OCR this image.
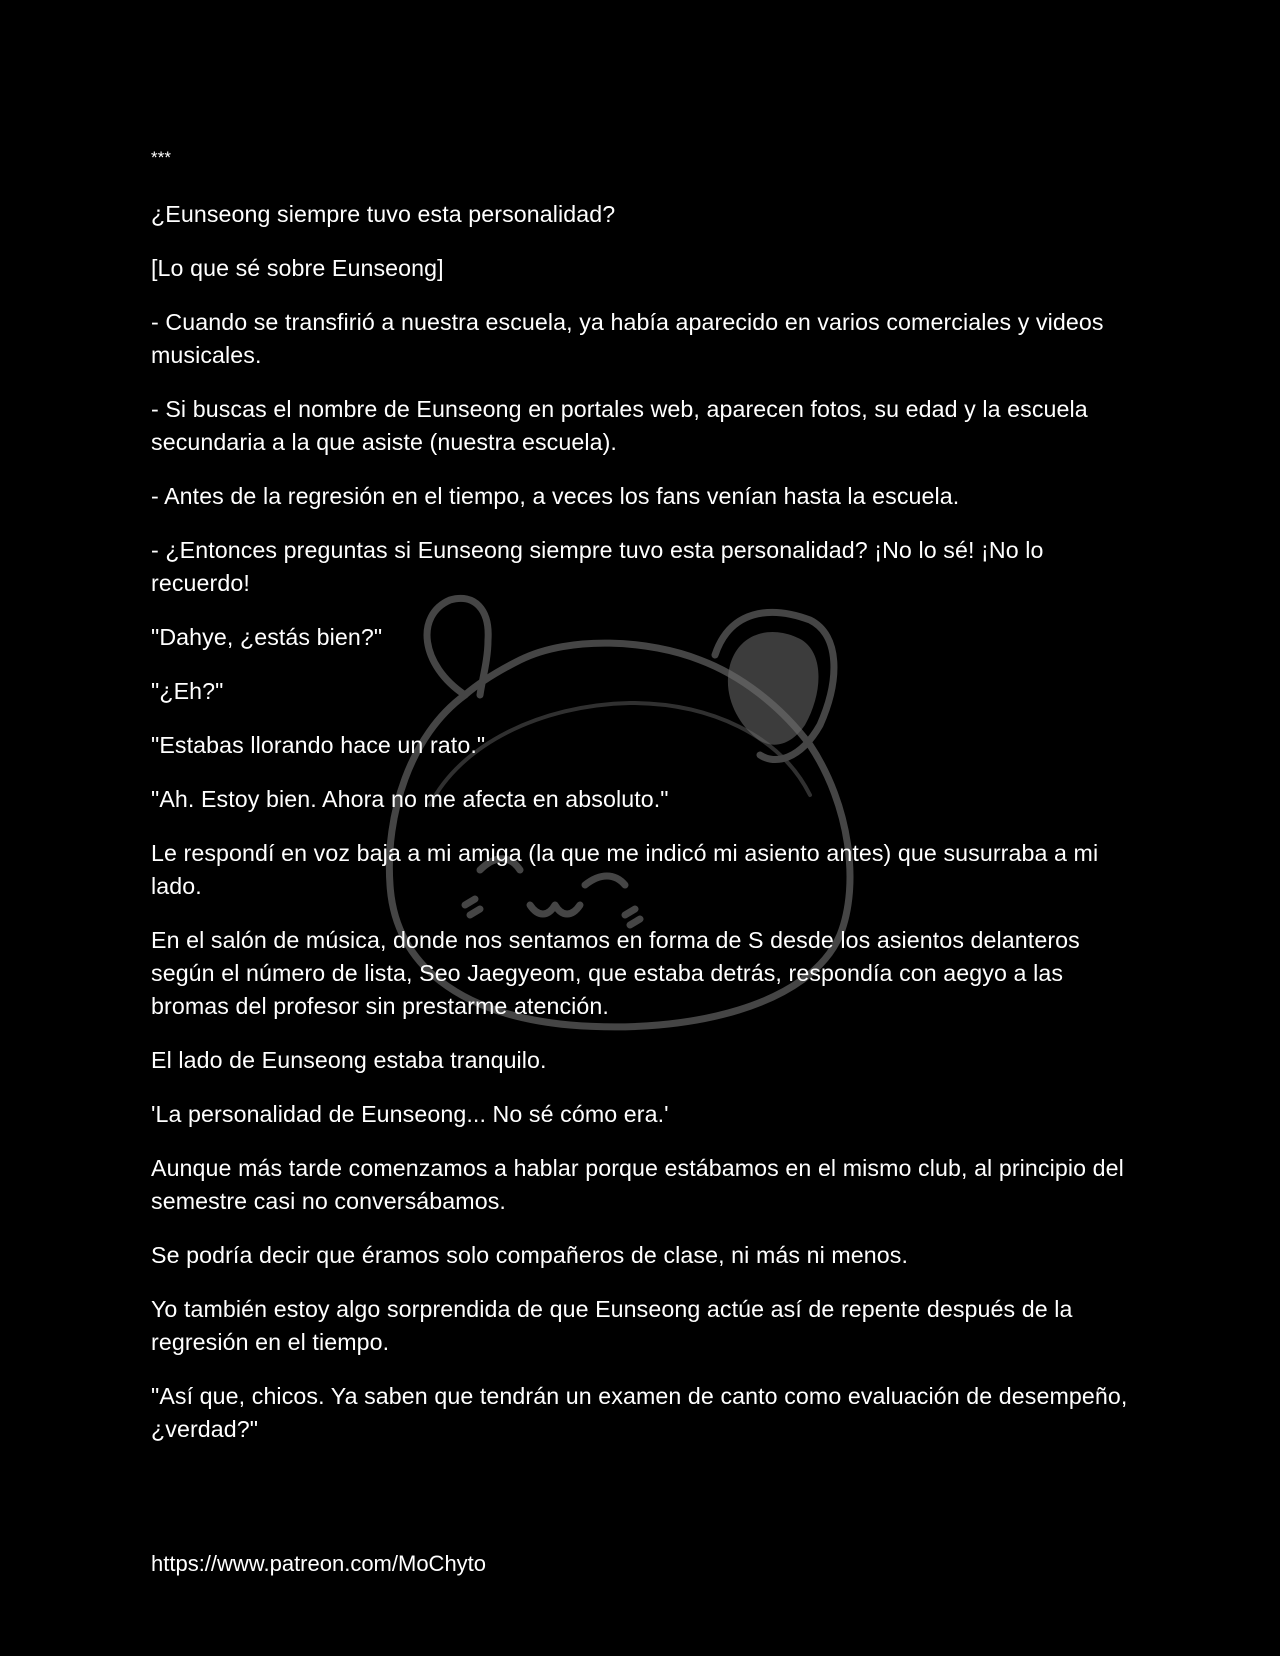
***

¿Eunseong siempre tuvo esta personalidad?

[Lo que sé sobre Eunseong]

- Cuando se transfirió a nuestra escuela, ya había aparecido en varios comerciales y videos musicales.

- Si buscas el nombre de Eunseong en portales web, aparecen fotos, su edad y la escuela secundaria a la que asiste (nuestra escuela).

- Antes de la regresión en el tiempo, a veces los fans venían hasta la escuela.

- ¿Entonces preguntas si Eunseong siempre tuvo esta personalidad? ¡No lo sé! ¡No lo recuerdo!

"Dahye, ¿estás bien?"

"¿Eh?"

"Estabas llorando hace un rato."

"Ah. Estoy bien. Ahora no me afecta en absoluto."

Le respondí en voz baja a mi amiga (la que me indicó mi asiento antes) que susurraba a mi lado.

En el salón de música, donde nos sentamos en forma de S desde los asientos delanteros según el número de lista, Seo Jaegyeom, que estaba detrás, respondía con aegyo a las bromas del profesor sin prestarme atención.

El lado de Eunseong estaba tranquilo.

'La personalidad de Eunseong... No sé cómo era.'

Aunque más tarde comenzamos a hablar porque estábamos en el mismo club, al principio del semestre casi no conversábamos.

Se podría decir que éramos solo compañeros de clase, ni más ni menos.

Yo también estoy algo sorprendida de que Eunseong actúe así de repente después de la regresión en el tiempo.

"Así que, chicos. Ya saben que tendrán un examen de canto como evaluación de desempeño, ¿verdad?"

https://www.patreon.com/MoChyto
